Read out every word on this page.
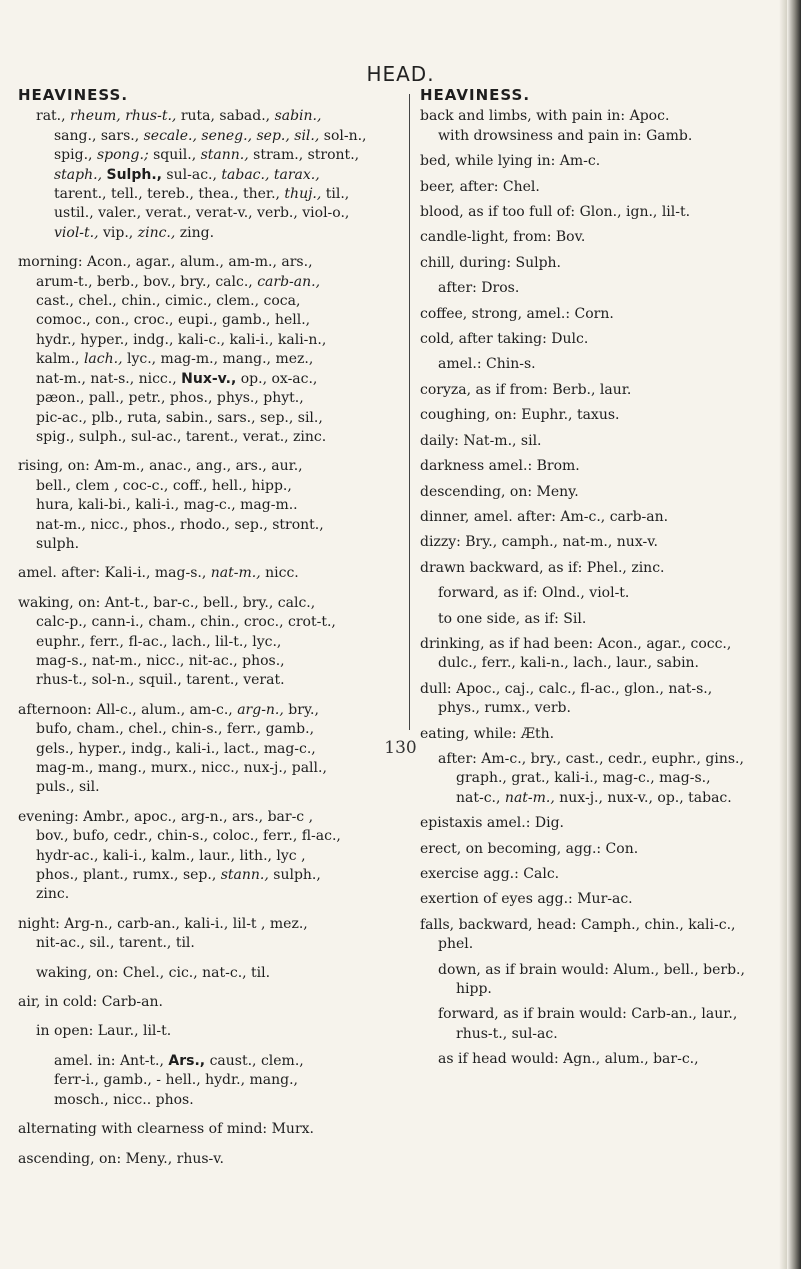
HEAD.
HEAVINESS.
rat., rheum, rhus-t., ruta, sabad., sabin.,
sang., sars., secale., seneg., sep., sil., sol-n.,
spig., spong.; squil., stann., stram., stront.,
staph., Sulph., sul-ac., tabac., tarax.,
tarent., tell., tereb., thea., ther., thuj., til.,
ustil., valer., verat., verat-v., verb., viol-o.,
viol-t., vip., zinc., zing.
morning: Acon., agar., alum., am-m., ars.,
arum-t., berb., bov., bry., calc., carb-an.,
cast., chel., chin., cimic., clem., coca,
comoc., con., croc., eupi., gamb., hell.,
hydr., hyper., indg., kali-c., kali-i., kali-n.,
kalm., lach., lyc., mag-m., mang., mez.,
nat-m., nat-s., nicc., Nux-v., op., ox-ac.,
pæon., pall., petr., phos., phys., phyt.,
pic-ac., plb., ruta, sabin., sars., sep., sil.,
spig., sulph., sul-ac., tarent., verat., zinc.
rising, on: Am-m., anac., ang., ars., aur.,
bell., clem , coc-c., coff., hell., hipp.,
hura, kali-bi., kali-i., mag-c., mag-m..
nat-m., nicc., phos., rhodo., sep., stront.,
sulph.
amel. after: Kali-i., mag-s., nat-m., nicc.
waking, on: Ant-t., bar-c., bell., bry., calc.,
calc-p., cann-i., cham., chin., croc., crot-t.,
euphr., ferr., fl-ac., lach., lil-t., lyc.,
mag-s., nat-m., nicc., nit-ac., phos.,
rhus-t., sol-n., squil., tarent., verat.
afternoon: All-c., alum., am-c., arg-n., bry.,
bufo, cham., chel., chin-s., ferr., gamb.,
gels., hyper., indg., kali-i., lact., mag-c.,
mag-m., mang., murx., nicc., nux-j., pall.,
puls., sil.
evening: Ambr., apoc., arg-n., ars., bar-c ,
bov., bufo, cedr., chin-s., coloc., ferr., fl-ac.,
hydr-ac., kali-i., kalm., laur., lith., lyc ,
phos., plant., rumx., sep., stann., sulph.,
zinc.
night: Arg-n., carb-an., kali-i., lil-t , mez.,
nit-ac., sil., tarent., til.
waking, on: Chel., cic., nat-c., til.
air, in cold: Carb-an.
in open: Laur., lil-t.
amel. in: Ant-t., Ars., caust., clem.,
ferr-i., gamb., - hell., hydr., mang.,
mosch., nicc.. phos.
alternating with clearness of mind: Murx.
ascending, on: Meny., rhus-v.
HEAVINESS.
back and limbs, with pain in: Apoc.
with drowsiness and pain in: Gamb.
bed, while lying in: Am-c.
beer, after: Chel.
blood, as if too full of: Glon., ign., lil-t.
candle-light, from: Bov.
chill, during: Sulph.
after: Dros.
coffee, strong, amel.: Corn.
cold, after taking: Dulc.
amel.: Chin-s.
coryza, as if from: Berb., laur.
coughing, on: Euphr., taxus.
daily: Nat-m., sil.
darkness amel.: Brom.
descending, on: Meny.
dinner, amel. after: Am-c., carb-an.
dizzy: Bry., camph., nat-m., nux-v.
drawn backward, as if: Phel., zinc.
forward, as if: Olnd., viol-t.
to one side, as if: Sil.
drinking, as if had been: Acon., agar., cocc.,
dulc., ferr., kali-n., lach., laur., sabin.
dull: Apoc., caj., calc., fl-ac., glon., nat-s.,
phys., rumx., verb.
eating, while: Æth.
after: Am-c., bry., cast., cedr., euphr., gins.,
graph., grat., kali-i., mag-c., mag-s.,
nat-c., nat-m., nux-j., nux-v., op., tabac.
epistaxis amel.: Dig.
erect, on becoming, agg.: Con.
exercise agg.: Calc.
exertion of eyes agg.: Mur-ac.
falls, backward, head: Camph., chin., kali-c.,
phel.
down, as if brain would: Alum., bell., berb.,
hipp.
forward, as if brain would: Carb-an., laur.,
rhus-t., sul-ac.
as if head would: Agn., alum., bar-c.,
130
